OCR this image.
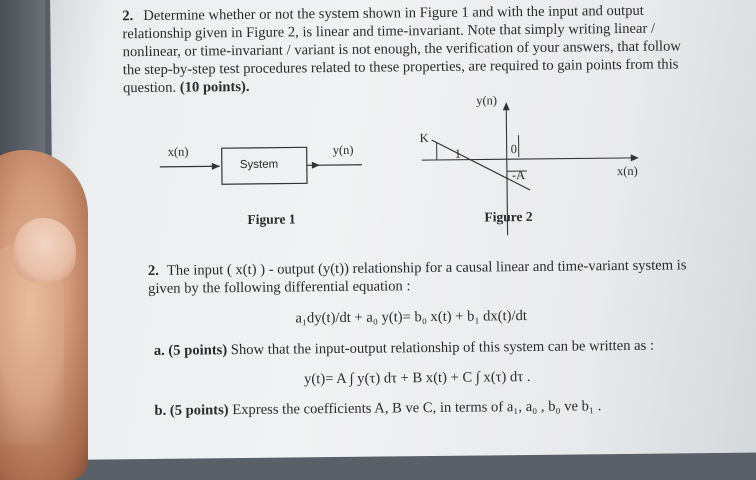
2. Determine whether or not the system shown in Figure 1 and with the input and output
relationship given in Figure 2, is linear and time-invariant. Note that simply writing linear /
nonlinear, or time-invariant / variant is not enough, the verification of your answers, that follow
the step-by-step test procedures related to these properties, are required to gain points from this
question. (10 points).
x(n)	y(n)
System
Figure 1
y(n)
x(n)
K
1	0
-A
Figure 2
2. The input ( x(t) ) - output (y(t)) relationship for a causal linear and time-variant system is
given by the following differential equation :
a₁dy(t)/dt + a₀ y(t)= b₀ x(t) + b₁ dx(t)/dt
a. (5 points) Show that the input-output relationship of this system can be written as :
y(t)= A ∫ y(τ) dτ + B x(t) + C ∫ x(τ) dτ .
b. (5 points) Express the coefficients A, B ve C, in terms of a₁, a₀ , b₀ ve b₁ .
